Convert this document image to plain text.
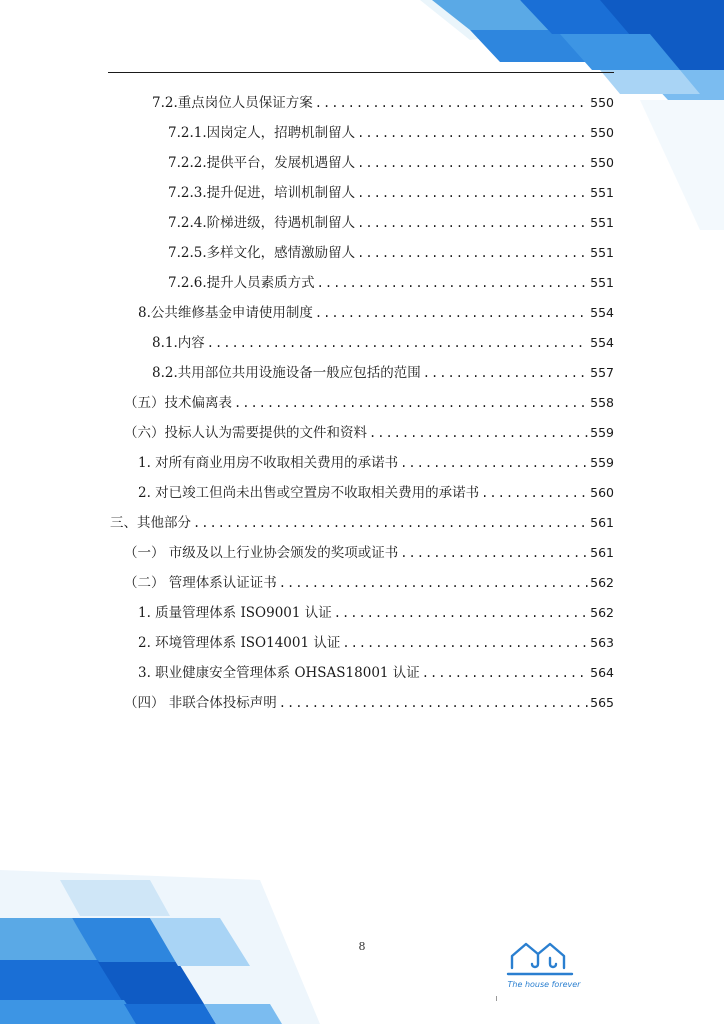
7.2.重点岗位人员保证方案 .....	550
7.2.1.因岗定人，招聘机制留人 .....	550
7.2.2.提供平台，发展机遇留人 .....	550
7.2.3.提升促进，培训机制留人 .....	551
7.2.4.阶梯进级，待遇机制留人 .....	551
7.2.5.多样文化，感情激励留人 .....	551
7.2.6.提升人员素质方式 .....	551
8.公共维修基金申请使用制度 .....	554
8.1.内容 .....	554
8.2.共用部位共用设施设备一般应包括的范围 .....	557
（五）技术偏离表 .....	558
（六）投标人认为需要提供的文件和资料 .....	559
1. 对所有商业用房不收取相关费用的承诺书 .....	559
2. 对已竣工但尚未出售或空置房不收取相关费用的承诺书 .....	560
三、其他部分 .....	561
（一） 市级及以上行业协会颁发的奖项或证书 .....	561
（二） 管理体系认证证书 .....	562
1. 质量管理体系 ISO9001 认证 .....	562
2. 环境管理体系 ISO14001 认证 .....	563
3. 职业健康安全管理体系 OHSAS18001 认证 .....	564
（四） 非联合体投标声明 .....	565
8
The house forever
